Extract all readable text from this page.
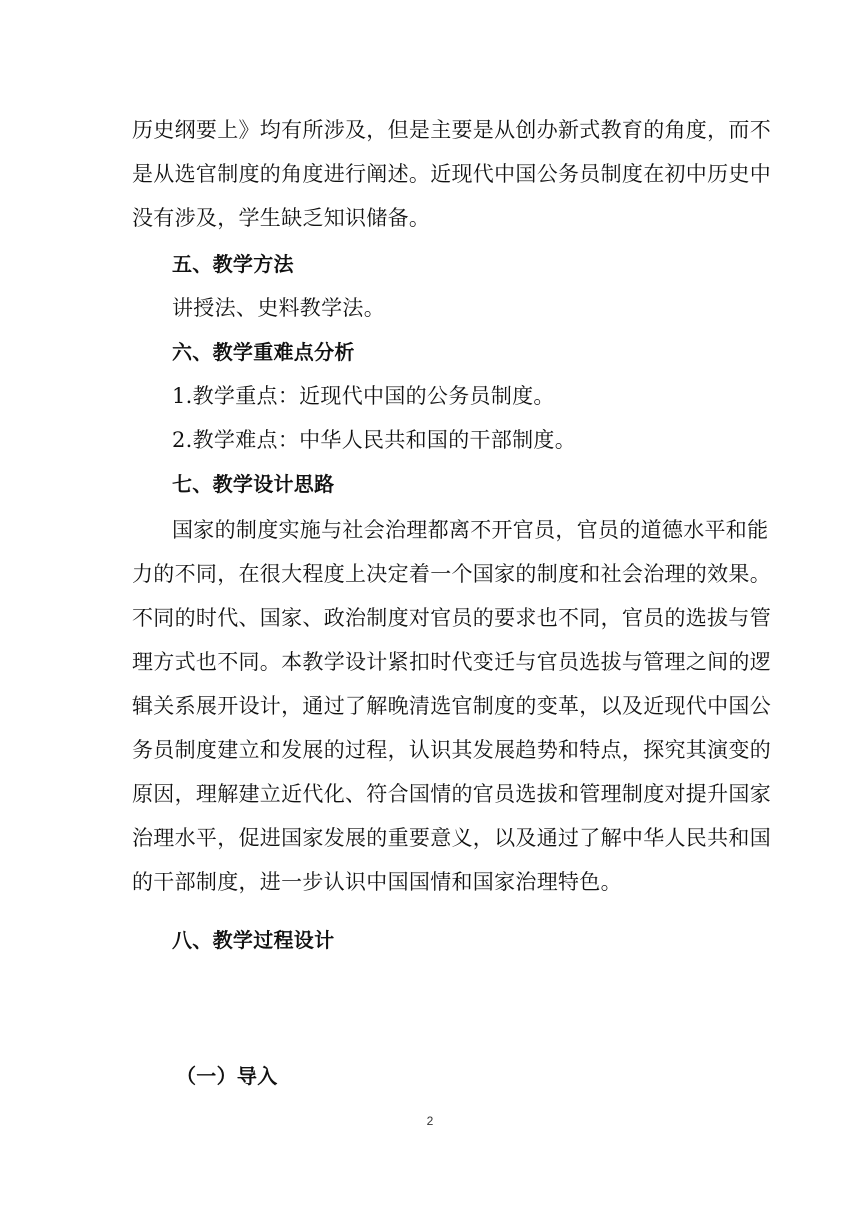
历史纲要上》均有所涉及，但是主要是从创办新式教育的角度，而不
是从选官制度的角度进行阐述。近现代中国公务员制度在初中历史中
没有涉及，学生缺乏知识储备。
五、教学方法
讲授法、史料教学法。
六、教学重难点分析
1.教学重点：近现代中国的公务员制度。
2.教学难点：中华人民共和国的干部制度。
七、教学设计思路
国家的制度实施与社会治理都离不开官员，官员的道德水平和能
力的不同，在很大程度上决定着一个国家的制度和社会治理的效果。
不同的时代、国家、政治制度对官员的要求也不同，官员的选拔与管
理方式也不同。本教学设计紧扣时代变迁与官员选拔与管理之间的逻
辑关系展开设计，通过了解晚清选官制度的变革，以及近现代中国公
务员制度建立和发展的过程，认识其发展趋势和特点，探究其演变的
原因，理解建立近代化、符合国情的官员选拔和管理制度对提升国家
治理水平，促进国家发展的重要意义，以及通过了解中华人民共和国
的干部制度，进一步认识中国国情和国家治理特色。
八、教学过程设计
（一）导入
2
